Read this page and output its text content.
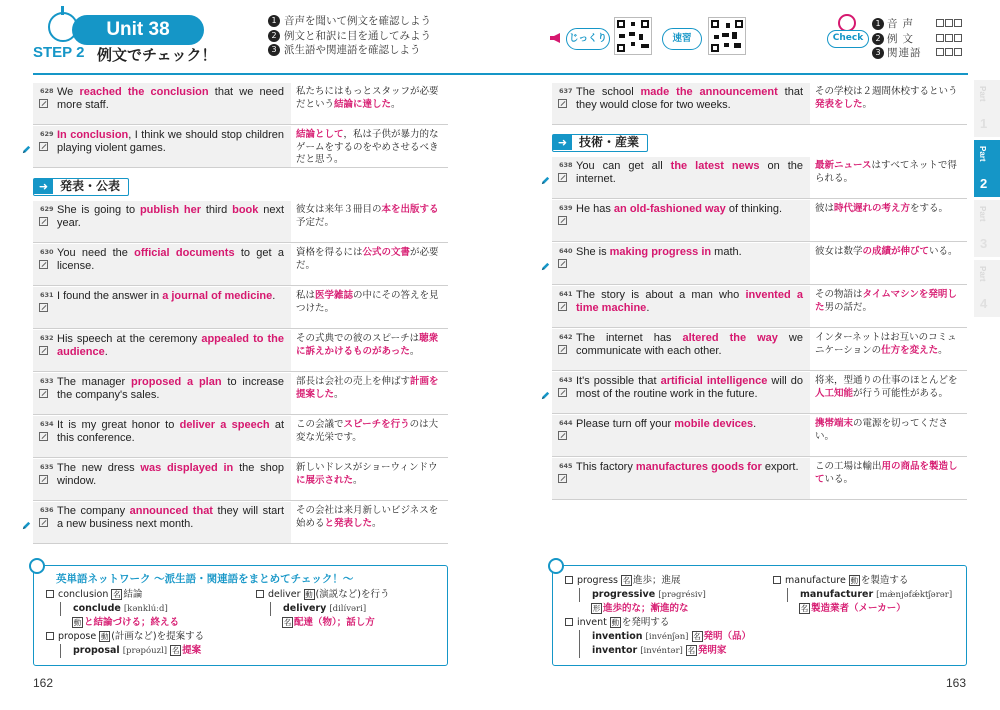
Unit 38
STEP 2 例文でチェック！
1 音声を聞いて例文を確認しよう
2 例文と和訳に目を通してみよう
3 派生語や関連語を確認しよう
じっくり	速習	Check
1 音声
2 例文
3 関連語
628 We reached the conclusion that we need more staff.
私たちにはもっとスタッフが必要だという結論に達した。
629 In conclusion, I think we should stop children playing violent games.
結論として，私は子供が暴力的なゲームをするのをやめさせるべきだと思う。
➜ 発表・公表
629 She is going to publish her third book next year.
彼女は来年３冊目の本を出版する予定だ。
630 You need the official documents to get a license.
資格を得るには公式の文書が必要だ。
631 I found the answer in a journal of medicine.	私は医学雑誌の中にその答えを見つけた。
632 His speech at the ceremony appealed to the audience.
その式典での彼のスピーチは聴衆に訴えかけるものがあった。
633 The manager proposed a plan to increase the company's sales.
部長は会社の売上を伸ばす計画を提案した。
634 It is my great honor to deliver a speech at this conference.
この会議でスピーチを行うのは大変な光栄です。
635 The new dress was displayed in the shop window.
新しいドレスがショーウィンドウに展示された。
636 The company announced that they will start a new business next month.
その会社は来月新しいビジネスを始めると発表した。
英単語ネットワーク ～派生語・関連語をまとめてチェック！～
conclusion 名 結論
conclude [kənklúːd]
動 と結論づける；終える
propose 動 (計画など)を提案する
proposal [prəpóuzl] 名 提案
deliver 動 (演説など)を行う
delivery [dilívəri]
名 配達（物）；話し方
162
637 The school made the announcement that they would close for two weeks.
その学校は２週間休校するという発表をした。
➜ 技術・産業
638 You can get all the latest news on the internet.
最新ニュースはすべてネットで得られる。
639 He has an old-fashioned way of thinking.	彼は時代遅れの考え方をする。
640 She is making progress in math.	彼女は数学の成績が伸びている。
641 The story is about a man who invented a time machine.
その物語はタイムマシンを発明した男の話だ。
642 The internet has altered the way we communicate with each other.
インターネットはお互いのコミュニケーションの仕方を変えた。
643 It's possible that artificial intelligence will do most of the routine work in the future.
将来，型通りの仕事のほとんどを人工知能が行う可能性がある。
644 Please turn off your mobile devices.	携帯端末の電源を切ってください。
645 This factory manufactures goods for export.	この工場は輸出用の商品を製造している。
progress 名 進歩；進展
progressive [prəgrésiv]
形 進歩的な；漸進的な
invent 動 を発明する
invention [invénʃən] 名 発明（品）
inventor [invéntər] 名 発明家
manufacture 動 を製造する
manufacturer [mæ̀njəfǽktʃərər]
名 製造業者（メーカー）
163
Part
1
Part
2
Part
3
Part
4
